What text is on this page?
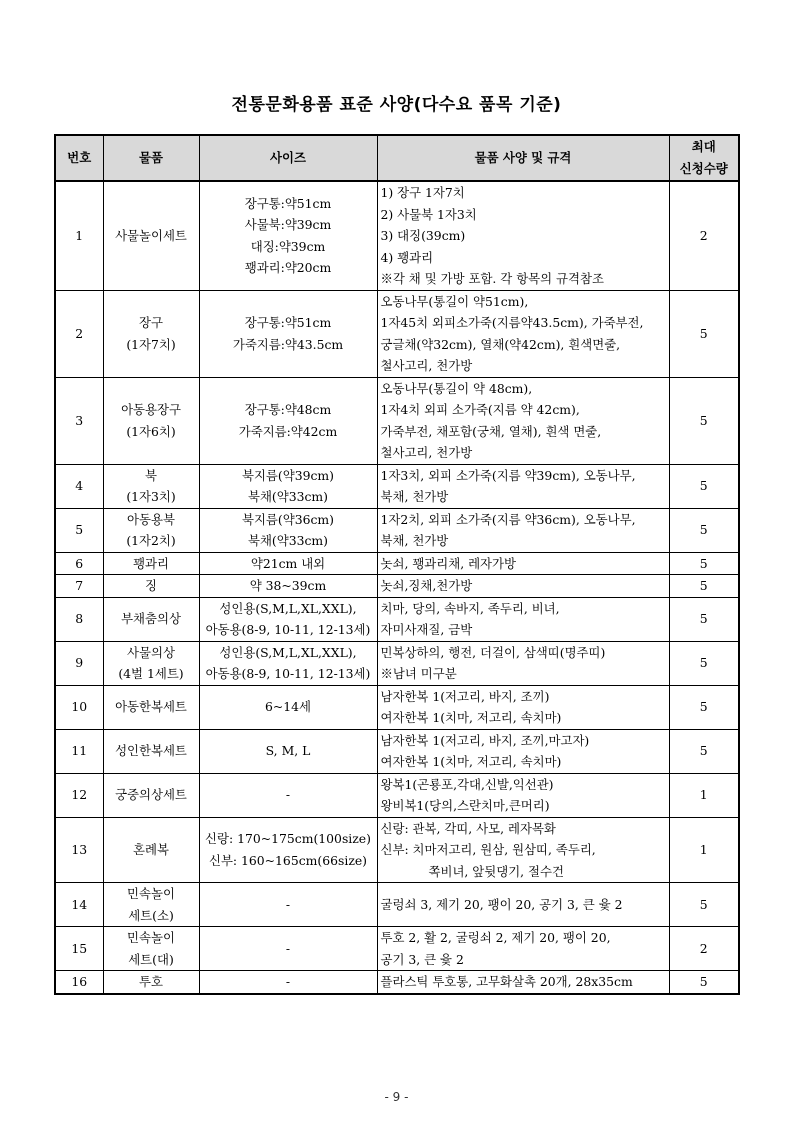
전통문화용품 표준 사양(다수요 품목 기준)
번호	물품	사이즈	물품 사양 및 규격	최대
신청수량

1	사물놀이세트	장구통:약51cm
사물북:약39cm
대징:약39cm
꽹과리:약20cm	1) 장구 1자7치
2) 사물북 1자3치
3) 대징(39cm)
4) 꽹과리
※각 채 및 가방 포함. 각 항목의 규격참조	2
2	장구
(1자7치)	장구통:약51cm
가죽지름:약43.5cm	오동나무(통길이 약51cm),
1자45치 외피소가죽(지름약43.5cm), 가죽부전,
궁글채(약32cm), 열채(약42cm), 흰색면줄,
철사고리, 천가방	5
3	아동용장구
(1자6치)	장구통:약48cm
가죽지름:약42cm	오동나무(통길이 약 48cm),
1자4치 외피 소가죽(지름 약 42cm),
가죽부전, 채포함(궁채, 열채), 흰색 면줄,
철사고리, 천가방	5
4	북
(1자3치)	북지름(약39cm)
북채(약33cm)	1자3치, 외피 소가죽(지름 약39cm), 오동나무,
북채, 천가방	5
5	아동용북
(1자2치)	북지름(약36cm)
북채(약33cm)	1자2치, 외피 소가죽(지름 약36cm), 오동나무,
북채, 천가방	5
6	꽹과리	약21cm 내외	놋쇠, 꽹과리채, 레자가방	5
7	징	약 38~39cm	놋쇠,징채,천가방	5
8	부채춤의상	성인용(S,M,L,XL,XXL),
아동용(8-9, 10-11, 12-13세)	치마, 당의, 속바지, 족두리, 비녀,
자미사재질, 금박	5
9	사물의상
(4벌 1세트)	성인용(S,M,L,XL,XXL),
아동용(8-9, 10-11, 12-13세)	민복상하의, 행전, 더걸이, 삼색띠(명주띠)
※남녀 미구분	5
10	아동한복세트	6~14세	남자한복 1(저고리, 바지, 조끼)
여자한복 1(치마, 저고리, 속치마)	5
11	성인한복세트	S, M, L	남자한복 1(저고리, 바지, 조끼,마고자)
여자한복 1(치마, 저고리, 속치마)	5
12	궁중의상세트	-	왕복1(곤룡포,각대,신발,익선관)
왕비복1(당의,스란치마,큰머리)	1
13	혼례복	신랑: 170~175cm(100size)
신부: 160~165cm(66size)	신랑: 관복, 각띠, 사모, 레자목화
신부: 치마저고리, 원삼, 원삼띠, 족두리,
쪽비녀, 앞뒷댕기, 절수건	1
14	민속놀이
세트(소)	-	굴렁쇠 3, 제기 20, 팽이 20, 공기 3, 큰 윷 2	5
15	민속놀이
세트(대)	-	투호 2, 활 2, 굴렁쇠 2, 제기 20, 팽이 20,
공기 3, 큰 윷 2	2
16	투호	-	플라스틱 투호통, 고무화살촉 20개, 28x35cm	5
- 9 -
